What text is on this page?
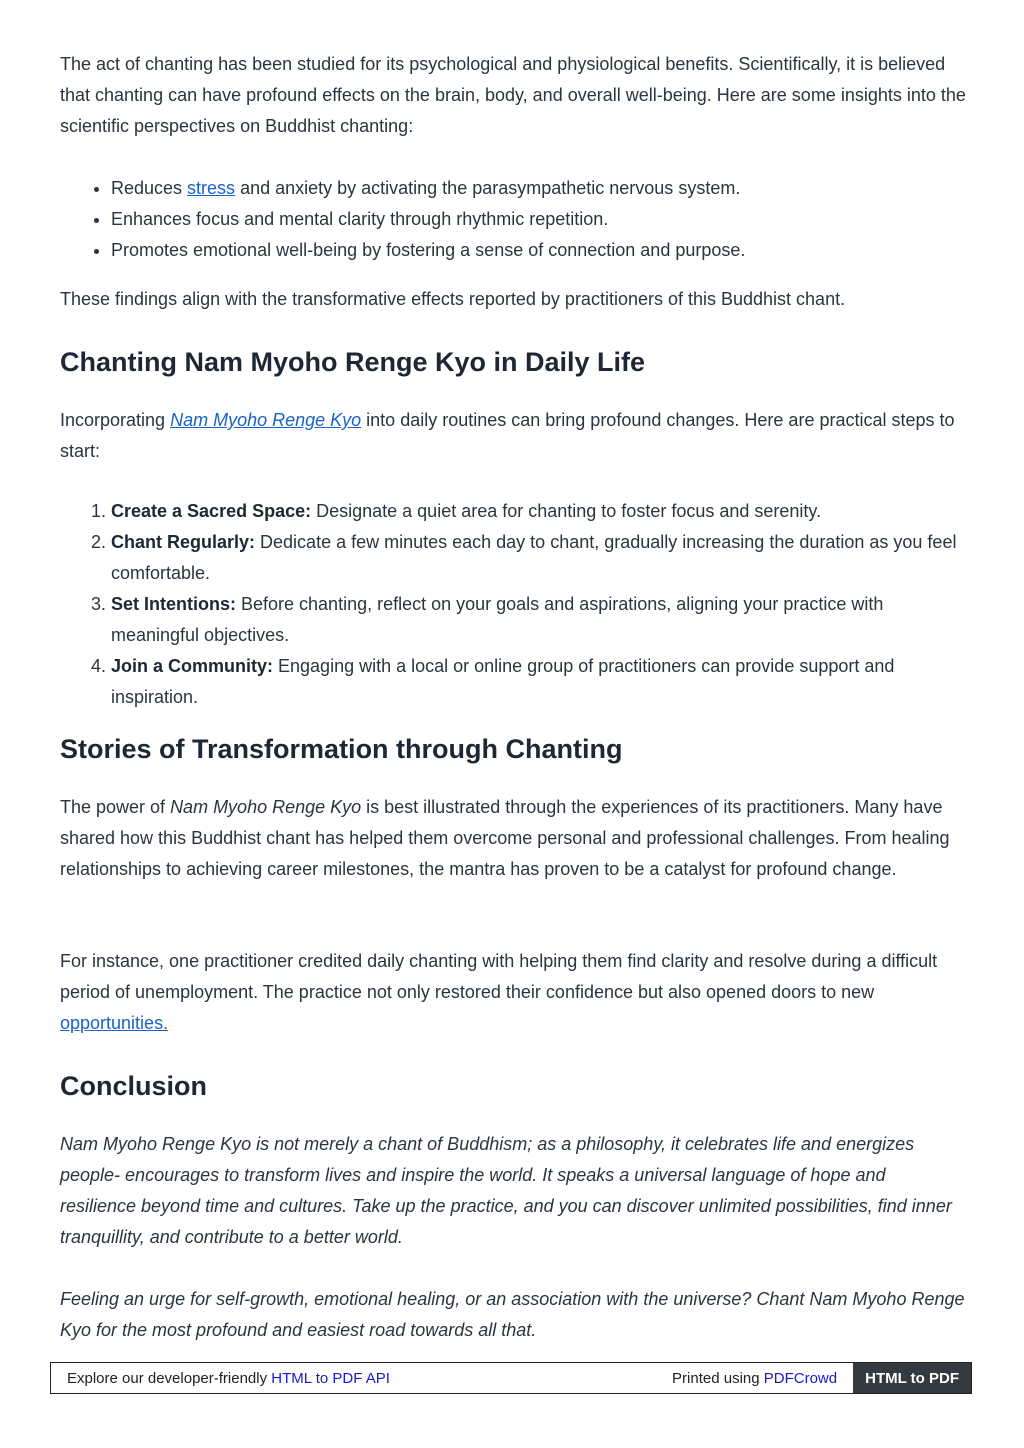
The act of chanting has been studied for its psychological and physiological benefits. Scientifically, it is believed that chanting can have profound effects on the brain, body, and overall well-being. Here are some insights into the scientific perspectives on Buddhist chanting:

• Reduces stress and anxiety by activating the parasympathetic nervous system.
• Enhances focus and mental clarity through rhythmic repetition.
• Promotes emotional well-being by fostering a sense of connection and purpose.

These findings align with the transformative effects reported by practitioners of this Buddhist chant.

Chanting Nam Myoho Renge Kyo in Daily Life

Incorporating Nam Myoho Renge Kyo into daily routines can bring profound changes. Here are practical steps to start:

1. Create a Sacred Space: Designate a quiet area for chanting to foster focus and serenity.
2. Chant Regularly: Dedicate a few minutes each day to chant, gradually increasing the duration as you feel comfortable.
3. Set Intentions: Before chanting, reflect on your goals and aspirations, aligning your practice with meaningful objectives.
4. Join a Community: Engaging with a local or online group of practitioners can provide support and inspiration.
Stories of Transformation through Chanting

The power of Nam Myoho Renge Kyo is best illustrated through the experiences of its practitioners. Many have shared how this Buddhist chant has helped them overcome personal and professional challenges. From healing relationships to achieving career milestones, the mantra has proven to be a catalyst for profound change.

For instance, one practitioner credited daily chanting with helping them find clarity and resolve during a difficult period of unemployment. The practice not only restored their confidence but also opened doors to new opportunities.

Conclusion

Nam Myoho Renge Kyo is not merely a chant of Buddhism; as a philosophy, it celebrates life and energizes people- encourages to transform lives and inspire the world. It speaks a universal language of hope and resilience beyond time and cultures. Take up the practice, and you can discover unlimited possibilities, find inner tranquillity, and contribute to a better world.

Feeling an urge for self-growth, emotional healing, or an association with the universe? Chant Nam Myoho Renge Kyo for the most profound and easiest road towards all that.

Explore our developer-friendly HTML to PDF API	Printed using PDFCrowd	HTML to PDF
